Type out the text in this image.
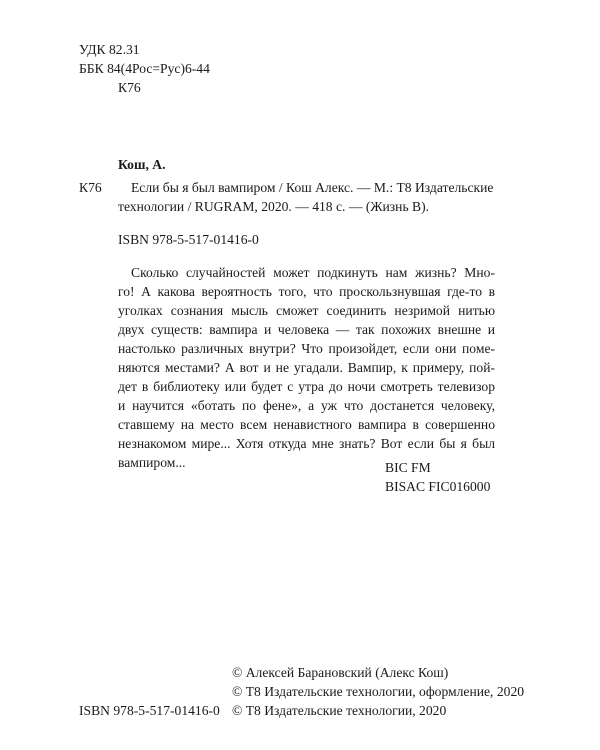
УДК 82.31
ББК 84(4Рос=Рус)6-44
К76
Кош, А.
К76 Если бы я был вампиром / Кош Алекс. — М.: Т8 Издательские
технологии / RUGRAM, 2020. — 418 с. — (Жизнь В).
ISBN 978-5-517-01416-0
Сколько случайностей может подкинуть нам жизнь? Мно-
го! А какова вероятность того, что проскользнувшая где-то в
уголках сознания мысль сможет соединить незримой нитью
двух существ: вампира и человека — так похожих внешне и
настолько различных внутри? Что произойдет, если они поме-
няются местами? А вот и не угадали. Вампир, к примеру, пой-
дет в библиотеку или будет с утра до ночи смотреть телевизор
и научится «ботать по фене», а уж что достанется человеку,
ставшему на место всем ненавистного вампира в совершенно
незнакомом мире... Хотя откуда мне знать? Вот если бы я был
вампиром...	BIC FM
BISAC FIC016000
© Алексей Барановский (Алекс Кош)
© Т8 Издательские технологии, оформление, 2020
© Т8 Издательские технологии, 2020
ISBN 978-5-517-01416-0
